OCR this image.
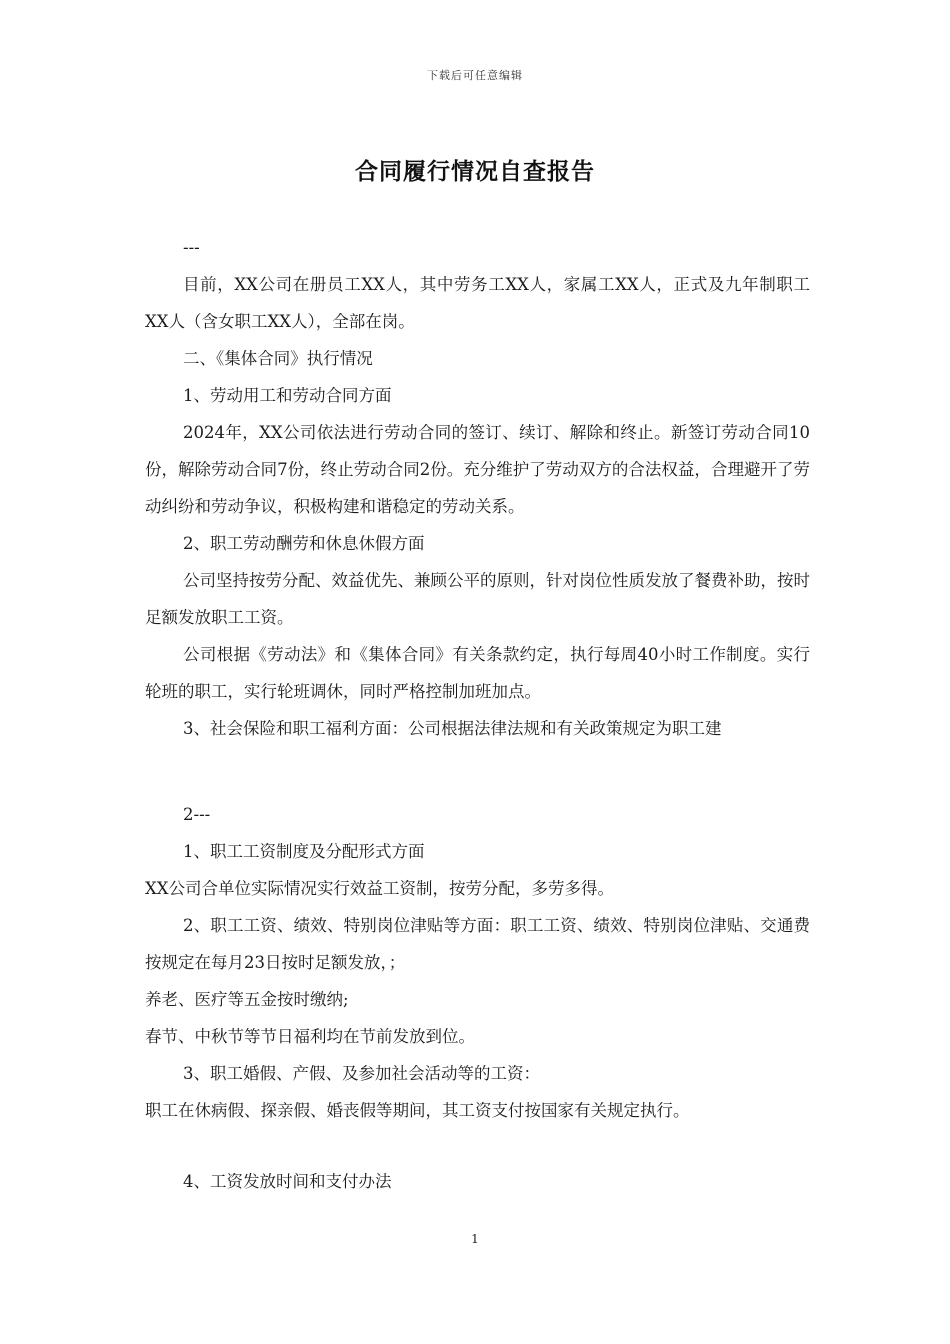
下载后可任意编辑
合同履行情况自查报告

---

目前，XX公司在册员工XX人，其中劳务工XX人，家属工XX人，正式及九年制职工XX人（含女职工XX人），全部在岗。

二、《集体合同》执行情况

1、劳动用工和劳动合同方面

2024年，XX公司依法进行劳动合同的签订、续订、解除和终止。新签订劳动合同10份，解除劳动合同7份，终止劳动合同2份。充分维护了劳动双方的合法权益，合理避开了劳动纠纷和劳动争议，积极构建和谐稳定的劳动关系。

2、职工劳动酬劳和休息休假方面

公司坚持按劳分配、效益优先、兼顾公平的原则，针对岗位性质发放了餐费补助，按时足额发放职工工资。

公司根据《劳动法》和《集体合同》有关条款约定，执行每周40小时工作制度。实行轮班的职工，实行轮班调休，同时严格控制加班加点。

3、社会保险和职工福利方面：公司根据法律法规和有关政策规定为职工建

2---

1、职工工资制度及分配形式方面

XX公司合单位实际情况实行效益工资制，按劳分配，多劳多得。

2、职工工资、绩效、特别岗位津贴等方面：职工工资、绩效、特别岗位津贴、交通费按规定在每月23日按时足额发放，；

养老、医疗等五金按时缴纳;

春节、中秋节等节日福利均在节前发放到位。

3、职工婚假、产假、及参加社会活动等的工资：

职工在休病假、探亲假、婚丧假等期间，其工资支付按国家有关规定执行。

4、工资发放时间和支付办法

1
